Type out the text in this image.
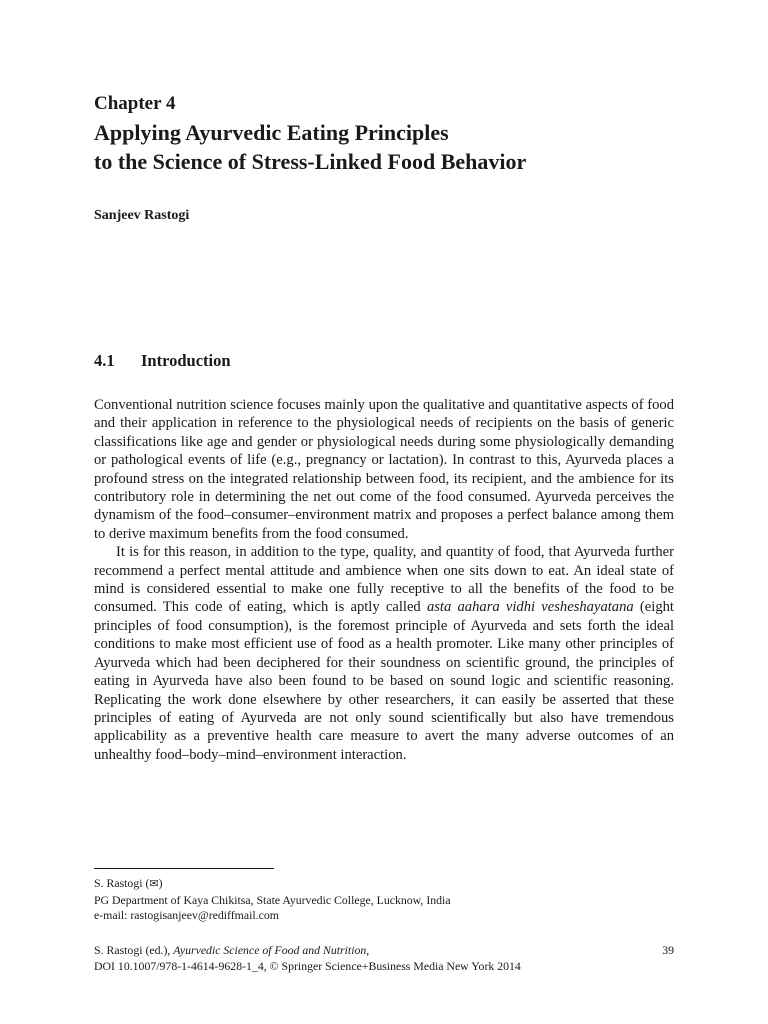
Chapter 4
Applying Ayurvedic Eating Principles
to the Science of Stress-Linked Food Behavior
Sanjeev Rastogi
4.1 Introduction

Conventional nutrition science focuses mainly upon the qualitative and quantitative aspects of food and their application in reference to the physiological needs of recipients on the basis of generic classifications like age and gender or physiological needs during some physiologically demanding or pathological events of life (e.g., pregnancy or lactation). In contrast to this, Ayurveda places a profound stress on the integrated relationship between food, its recipient, and the ambience for its contributory role in determining the net out come of the food consumed. Ayurveda perceives the dynamism of the food–consumer–environment matrix and proposes a perfect balance among them to derive maximum benefits from the food consumed.

It is for this reason, in addition to the type, quality, and quantity of food, that Ayurveda further recommend a perfect mental attitude and ambience when one sits down to eat. An ideal state of mind is considered essential to make one fully receptive to all the benefits of the food to be consumed. This code of eating, which is aptly called asta aahara vidhi vesheshayatana (eight principles of food consumption), is the foremost principle of Ayurveda and sets forth the ideal conditions to make most efficient use of food as a health promoter. Like many other principles of Ayurveda which had been deciphered for their soundness on scientific ground, the principles of eating in Ayurveda have also been found to be based on sound logic and scientific reasoning. Replicating the work done elsewhere by other researchers, it can easily be asserted that these principles of eating of Ayurveda are not only sound scientifically but also have tremendous applicability as a preventive health care measure to avert the many adverse outcomes of an unhealthy food–body–mind–environment interaction.

S. Rastogi (✉)
PG Department of Kaya Chikitsa, State Ayurvedic College, Lucknow, India
e-mail: rastogisanjeev@rediffmail.com
S. Rastogi (ed.), Ayurvedic Science of Food and Nutrition,	39
DOI 10.1007/978-1-4614-9628-1_4, © Springer Science+Business Media New York 2014
